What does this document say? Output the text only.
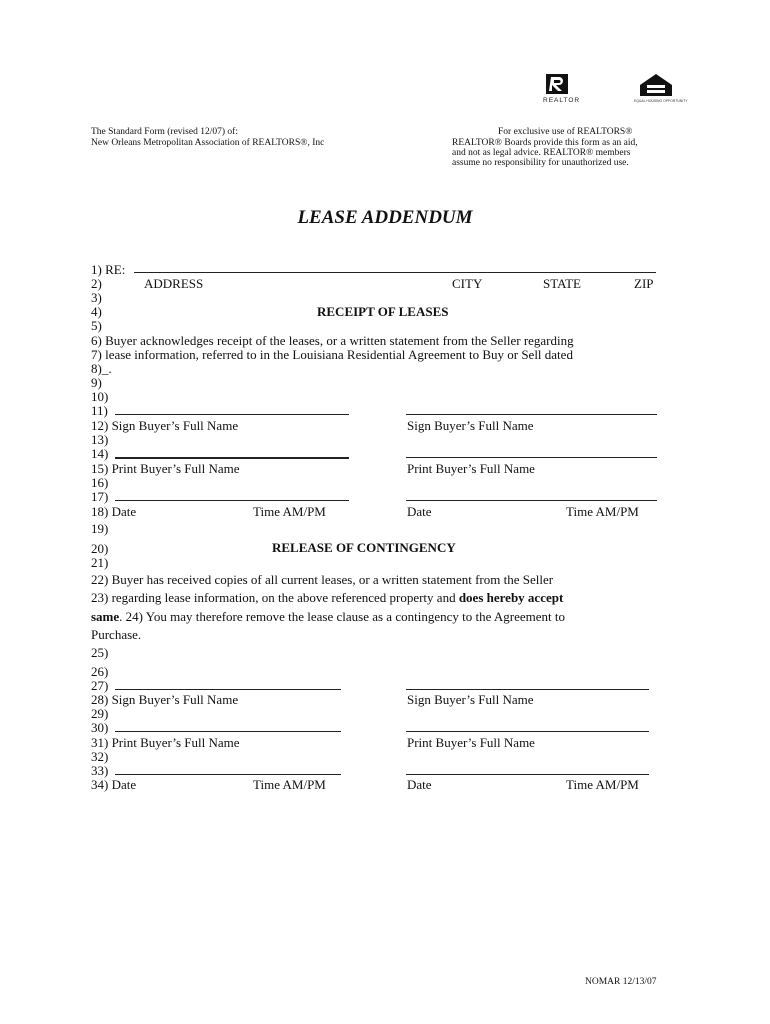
REALTOR	EQUAL HOUSING OPPORTUNITY
The Standard Form (revised 12/07) of:
New Orleans Metropolitan Association of REALTORS®, Inc
For exclusive use of REALTORS®
REALTOR® Boards provide this form as an aid,
and not as legal advice. REALTOR® members
assume no responsibility for unauthorized use.
LEASE ADDENDUM
1) RE:
2)	ADDRESS	CITY	STATE	ZIP
3)
4)	RECEIPT OF LEASES
5)
6) Buyer acknowledges receipt of the leases, or a written statement from the Seller regarding
7) lease information, referred to in the Louisiana Residential Agreement to Buy or Sell dated
8)_.
9)
10)
11)
12) Sign Buyer’s Full Name	Sign Buyer’s Full Name
13)
14)
15) Print Buyer’s Full Name	Print Buyer’s Full Name
16)
17)
18) Date	Time AM/PM	Date	Time AM/PM
19)
20)	RELEASE OF CONTINGENCY
21)
22) Buyer has received copies of all current leases, or a written statement from the Seller
23) regarding lease information, on the above referenced property and does hereby accept
same. 24) You may therefore remove the lease clause as a contingency to the Agreement to
Purchase.
25)
26)
27)
28) Sign Buyer’s Full Name	Sign Buyer’s Full Name
29)
30)
31) Print Buyer’s Full Name	Print Buyer’s Full Name
32)
33)
34) Date	Time AM/PM	Date	Time AM/PM
NOMAR 12/13/07
